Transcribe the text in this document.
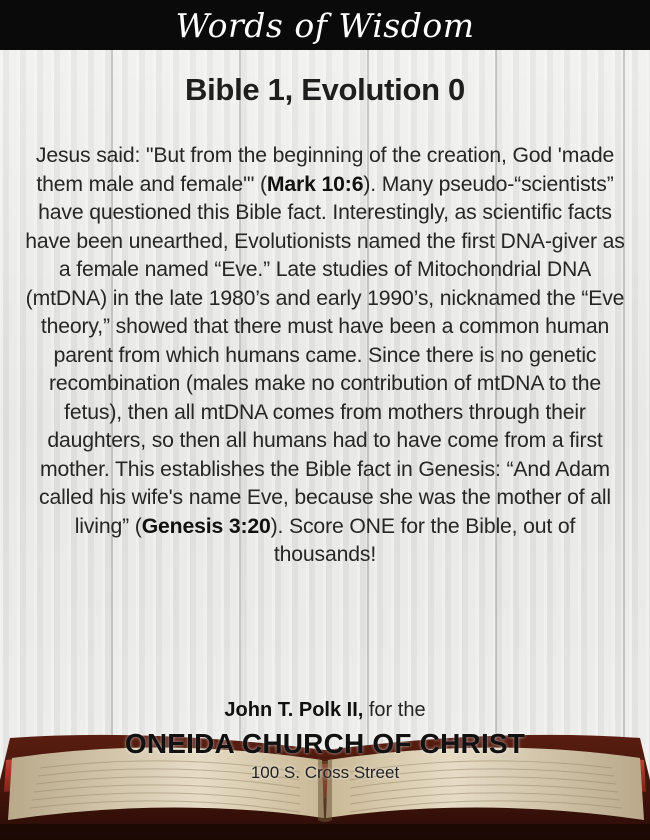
Words of Wisdom
Bible 1, Evolution 0
Jesus said: "But from the beginning of the creation, God 'made them male and female'" (Mark 10:6). Many pseudo-“scientists” have questioned this Bible fact. Interestingly, as scientific facts have been unearthed, Evolutionists named the first DNA-giver as a female named “Eve.” Late studies of Mitochondrial DNA (mtDNA) in the late 1980’s and early 1990’s, nicknamed the “Eve theory,” showed that there must have been a common human parent from which humans came. Since there is no genetic recombination (males make no contribution of mtDNA to the fetus), then all mtDNA comes from mothers through their daughters, so then all humans had to have come from a first mother. This establishes the Bible fact in Genesis: “And Adam called his wife's name Eve, because she was the mother of all living” (Genesis 3:20). Score ONE for the Bible, out of thousands!
John T. Polk II, for the
ONEIDA CHURCH OF CHRIST
100 S. Cross Street
